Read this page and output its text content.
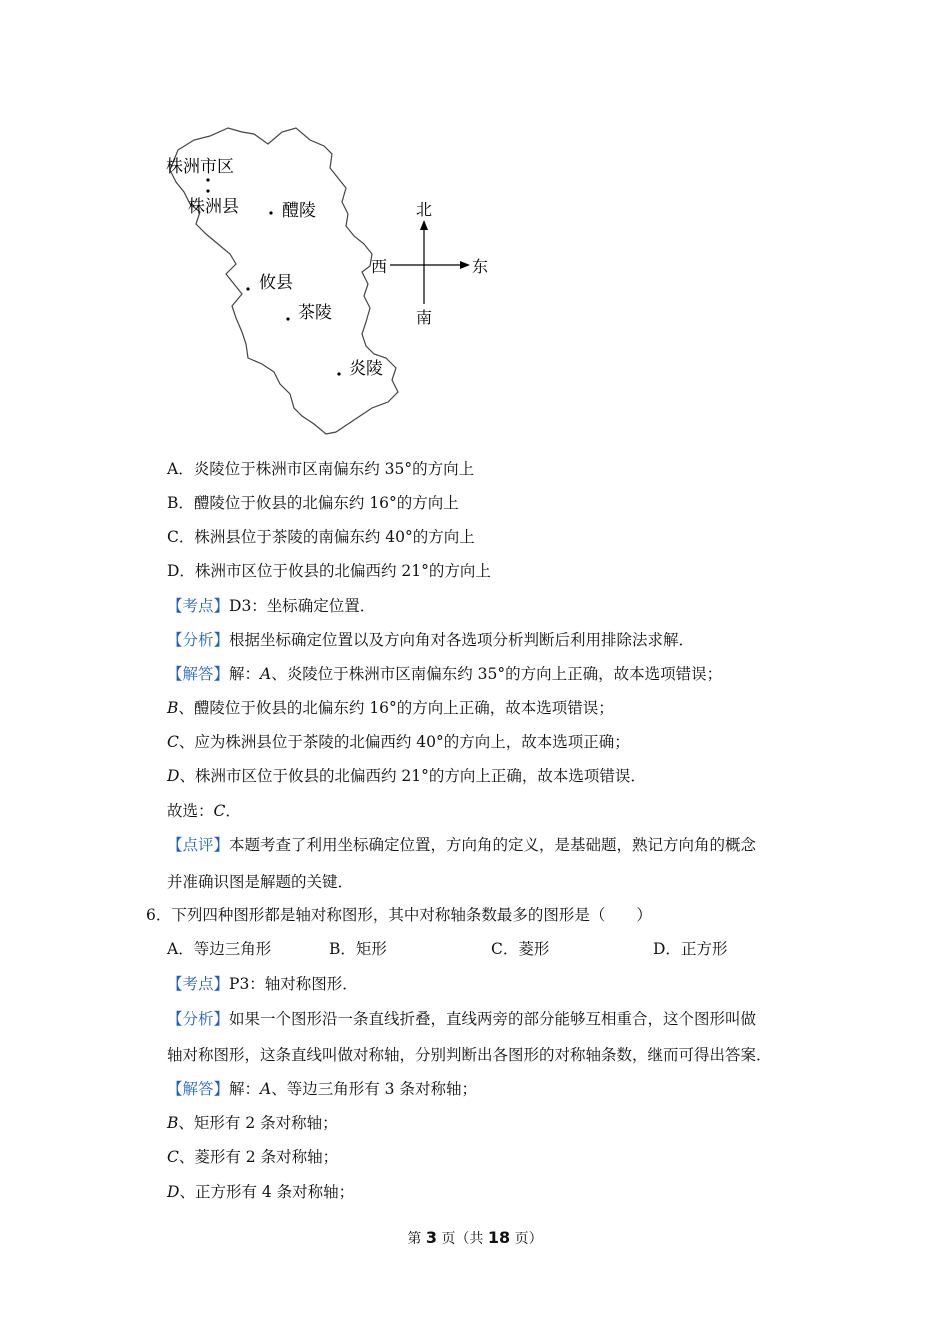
株洲市区
株洲县	醴陵
攸县
茶陵
炎陵
北
南
西	东
A．炎陵位于株洲市区南偏东约 35°的方向上
B．醴陵位于攸县的北偏东约 16°的方向上
C．株洲县位于茶陵的南偏东约 40°的方向上
D．株洲市区位于攸县的北偏西约 21°的方向上
【考点】D3：坐标确定位置．
【分析】根据坐标确定位置以及方向角对各选项分析判断后利用排除法求解．
【解答】解：A、炎陵位于株洲市区南偏东约 35°的方向上正确，故本选项错误；
B、醴陵位于攸县的北偏东约 16°的方向上正确，故本选项错误；
C、应为株洲县位于茶陵的北偏西约 40°的方向上，故本选项正确；
D、株洲市区位于攸县的北偏西约 21°的方向上正确，故本选项错误．
故选：C．
【点评】本题考查了利用坐标确定位置，方向角的定义，是基础题，熟记方向角的概念
并准确识图是解题的关键．
6．下列四种图形都是轴对称图形，其中对称轴条数最多的图形是（　　）
A．等边三角形	B．矩形	C．菱形	D．正方形
【考点】P3：轴对称图形．
【分析】如果一个图形沿一条直线折叠，直线两旁的部分能够互相重合，这个图形叫做
轴对称图形，这条直线叫做对称轴，分别判断出各图形的对称轴条数，继而可得出答案．
【解答】解：A、等边三角形有 3 条对称轴；
B、矩形有 2 条对称轴；
C、菱形有 2 条对称轴；
D、正方形有 4 条对称轴；
第 3 页（共 18 页）
